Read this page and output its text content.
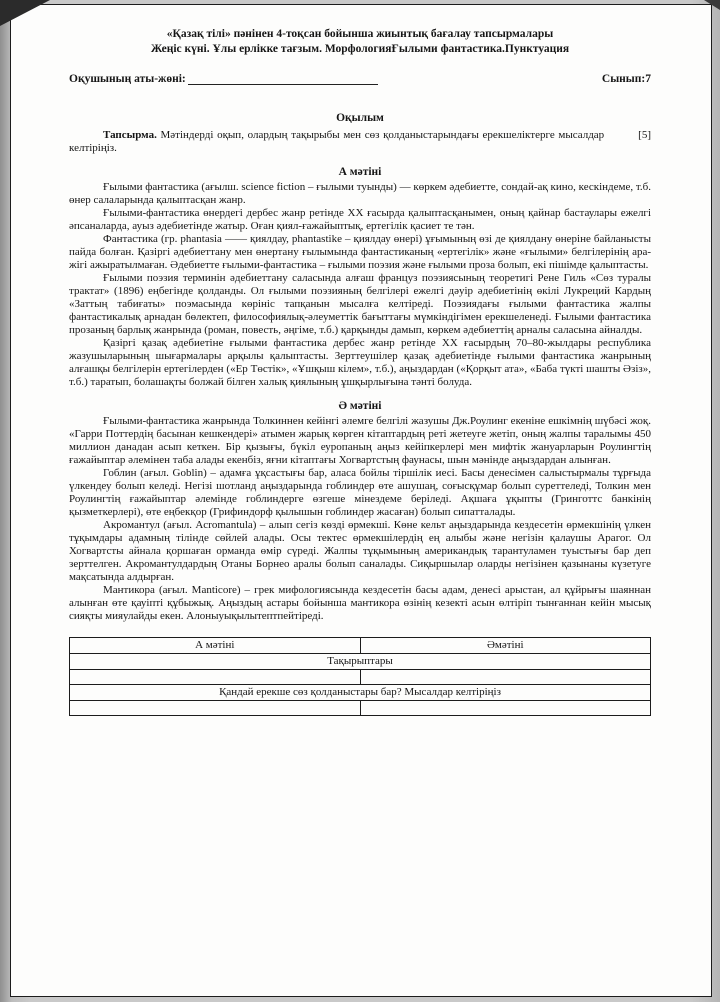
«Қазақ тілі» пәнінен 4-тоқсан бойынша жиынтық бағалау тапсырмалары
Жеңіс күні. Ұлы ерлікке тағзым. МорфологияҒылыми фантастика.Пунктуация
Оқушының аты-жөні:	Сынып:7
Оқылым
[5]
Тапсырма. Мәтіндерді оқып, олардың тақырыбы мен сөз қолданыстарындағы ерекшеліктерге мысалдар келтіріңіз.
А мәтіні

Ғылыми фантастика (ағылш. science fiction – ғылыми туынды) — көркем әдебиетте, сондай-ақ кино, кескіндеме, т.б. өнер салаларында қалыптасқан жанр.

Ғылыми-фантастика өнердегі дербес жанр ретінде XX ғасырда қалыптасқанымен, оның қайнар бастаулары ежелгі әпсаналарда, ауыз әдебиетінде жатыр. Оған қиял-ғажайыптық, ертегілік қасиет те тән.

Фантастика (гр. phantasia —— қиялдау, phantastike – қиялдау өнері) ұғымының өзі де қиялдану өнеріне байланысты пайда болған. Қазіргі әдебиеттану мен өнертану ғылымында фантастиканың «ертегілік» және «ғылыми» белгілерінің ара-жігі ажыратылмаған. Әдебиетте ғылыми-фантастика – ғылыми поэзия және ғылыми проза болып, екі пішімде қалыптасты.

Ғылыми поэзия терминін әдебиеттану саласында алғаш француз поэзиясының теоретигі Рене Гиль «Сөз туралы трактат» (1896) еңбегінде қолданды. Ол ғылыми поэзияның белгілері ежелгі дәуір әдебиетінің өкілі Лукреций Кардың «Заттың табиғаты» поэмасында көрініс тапқанын мысалға келтіреді. Поэзиядағы ғылыми фантастика жалпы фантастикалық арнадан бөлектеп, философиялық-әлеуметтік бағыттағы мүмкіндігімен ерекшеленеді. Ғылыми фантастика прозаның барлық жанрында (роман, повесть, әңгіме, т.б.) қарқынды дамып, көркем әдебиеттің арналы саласына айналды.

Қазіргі қазақ әдебиетіне ғылыми фантастика дербес жанр ретінде XX ғасырдың 70–80-жылдары республика жазушыларының шығармалары арқылы қалыптасты. Зерттеушілер қазақ әдебиетінде ғылыми фантастика жанрының алғашқы белгілерін ертегілерден («Ер Төстік», «Ұшқыш кілем», т.б.), аңыздардан («Қорқыт ата», «Баба түкті шашты Әзіз», т.б.) таратып, болашақты болжай білген халық қиялының ұшқырлығына тәнті болуда.

Ә мәтіні

Ғылыми-фантастика жанрында Толкиннен кейінгі әлемге белгілі жазушы Дж.Роулинг екеніне ешкімнің шүбәсі жоқ. «Гарри Поттердің басынан кешкендері» атымен жарық көрген кітаптардың реті жетеуге жетіп, оның жалпы таралымы 450 миллион данадан асып кеткен. Бір қызығы, бүкіл еуропаның аңыз кейіпкерлері мен мифтік жануарларын Роулингтің ғажайыптар әлемінен таба алады екенбіз, яғни кітаптағы Хогвартстың фаунасы, шын мәнінде аңыздардан алынған.

Гоблин (ағыл. Goblin) – адамға ұқсастығы бар, аласа бойлы тіршілік иесі. Басы денесімен салыстырмалы тұрғыда үлкендеу болып келеді. Негізі шотланд аңыздарында гоблиндер өте ашушаң, соғысқұмар болып суреттеледі, Толкин мен Роулингтің ғажайыптар әлемінде гоблиндерге өзгеше мінездеме беріледі. Ақшаға ұқыпты (Гринготтс банкінің қызметкерлері), өте еңбекқор (Грифиндорф қылышын гоблиндер жасаған) болып сипатталады.

Акромантул (ағыл. Acromantula) – алып сегіз көзді өрмекші. Көне кельт аңыздарында кездесетін өрмекшінің үлкен тұқымдары адамның тілінде сөйлей алады. Осы тектес өрмекшілердің ең алыбы және негізін қалаушы Арагог. Ол Хогвартсты айнала қоршаған орманда өмір сүреді. Жалпы тұқымының американдық тарантуламен туыстығы бар деп зерттелген. Акромантулдардың Отаны Борнео аралы болып саналады. Сиқыршылар оларды негізінен қазынаны күзетуге мақсатында алдырған.

Мантикора (ағыл. Manticore) – грек мифологиясында кездесетін басы адам, денесі арыстан, ал құйрығы шаяннан алынған өте қауіпті құбыжық. Аңыздың астары бойынша мантикора өзінің кезекті асын өлтіріп тынғаннан кейін мысық сияқты мияулайды екен. Алоныуықылытептпейтіреді.

А мәтіні	Әмәтіні
Тақырыптары	

Қандай ерекше сөз қолданыстары бар? Мысалдар келтіріңіз	
